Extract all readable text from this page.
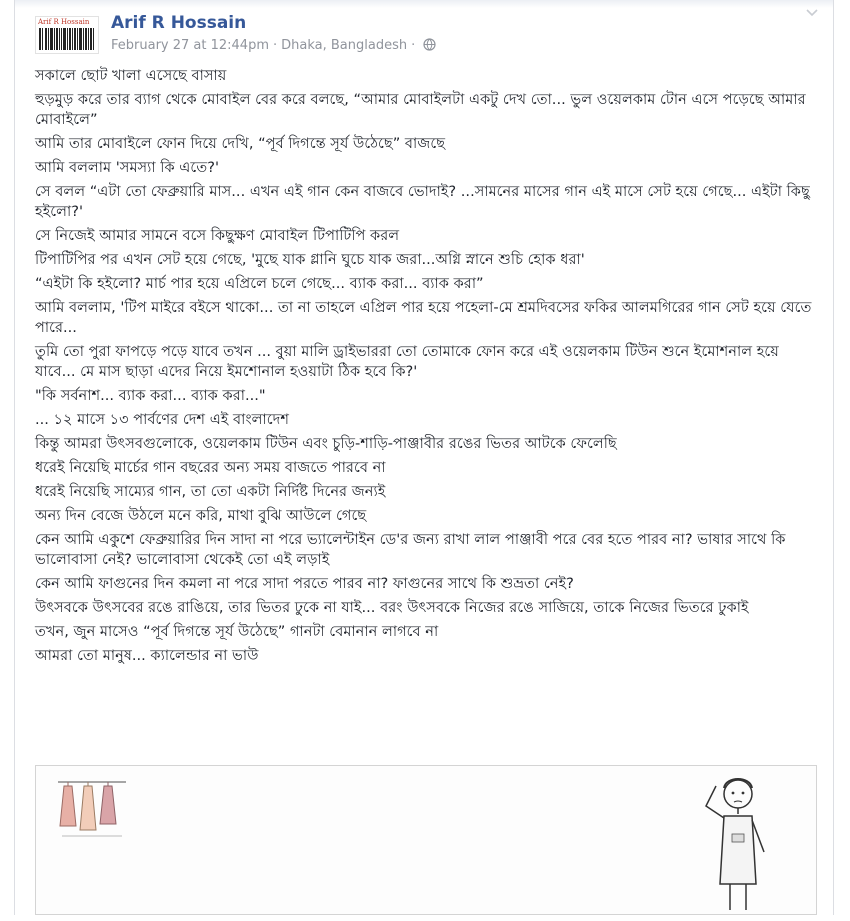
Arif R Hossain Arif R Hossain
February 27 at 12:44pm · Dhaka, Bangladesh ·

সকালে ছোট খালা এসেছে বাসায়

হুড়মুড় করে তার ব্যাগ থেকে মোবাইল বের করে বলছে, “আমার মোবাইলটা একটু দেখ তো... ভুল ওয়েলকাম টোন এসে পড়েছে আমার মোবাইলে”

আমি তার মোবাইলে ফোন দিয়ে দেখি, “পূর্ব দিগন্তে সূর্য উঠেছে” বাজছে

আমি বললাম 'সমস্যা কি এতে?'

সে বলল “এটা তো ফেব্রুয়ারি মাস... এখন এই গান কেন বাজবে ভোদাই? ...সামনের মাসের গান এই মাসে সেট হয়ে গেছে... এইটা কিছু হইলো?'

সে নিজেই আমার সামনে বসে কিছুক্ষণ মোবাইল টিপাটিপি করল

টিপাটিপির পর এখন সেট হয়ে গেছে, 'মুছে যাক গ্লানি ঘুচে যাক জরা...অগ্নি স্নানে শুচি হোক ধরা'

“এইটা কি হইলো? মার্চ পার হয়ে এপ্রিলে চলে গেছে... ব্যাক করা... ব্যাক করা”

আমি বললাম, 'টিপ মাইরে বইসে থাকো... তা না তাহলে এপ্রিল পার হয়ে পহেলা-মে শ্রমদিবসের ফকির আলমগিরের গান সেট হয়ে যেতে পারে...

তুমি তো পুরা ফাপড়ে পড়ে যাবে তখন ... বুয়া মালি ড্রাইভাররা তো তোমাকে ফোন করে এই ওয়েলকাম টিউন শুনে ইমোশনাল হয়ে যাবে... মে মাস ছাড়া এদের নিয়ে ইমশোনাল হওয়াটা ঠিক হবে কি?'

"কি সর্বনাশ... ব্যাক করা... ব্যাক করা..."

... ১২ মাসে ১৩ পার্বণের দেশ এই বাংলাদেশ

কিন্তু আমরা উৎসবগুলোকে, ওয়েলকাম টিউন এবং চুড়ি-শাড়ি-পাঞ্জাবীর রঙের ভিতর আটকে ফেলেছি

ধরেই নিয়েছি মার্চের গান বছরের অন্য সময় বাজতে পারবে না

ধরেই নিয়েছি সাম্যের গান, তা তো একটা নির্দিষ্ট দিনের জন্যই

অন্য দিন বেজে উঠলে মনে করি, মাথা বুঝি আউলে গেছে

কেন আমি একুশে ফেব্রুয়ারির দিন সাদা না পরে ভ্যালেন্টাইন ডে'র জন্য রাখা লাল পাঞ্জাবী পরে বের হতে পারব না? ভাষার সাথে কি ভালোবাসা নেই? ভালোবাসা থেকেই তো এই লড়াই

কেন আমি ফাগুনের দিন কমলা না পরে সাদা পরতে পারব না? ফাগুনের সাথে কি শুভ্রতা নেই?

উৎসবকে উৎসবের রঙে রাঙিয়ে, তার ভিতর ঢুকে না যাই... বরং উৎসবকে নিজের রঙে সাজিয়ে, তাকে নিজের ভিতরে ঢুকাই

তখন, জুন মাসেও “পূর্ব দিগন্তে সূর্য উঠেছে” গানটা বেমানান লাগবে না

আমরা তো মানুষ... ক্যালেন্ডার না ভাউ
